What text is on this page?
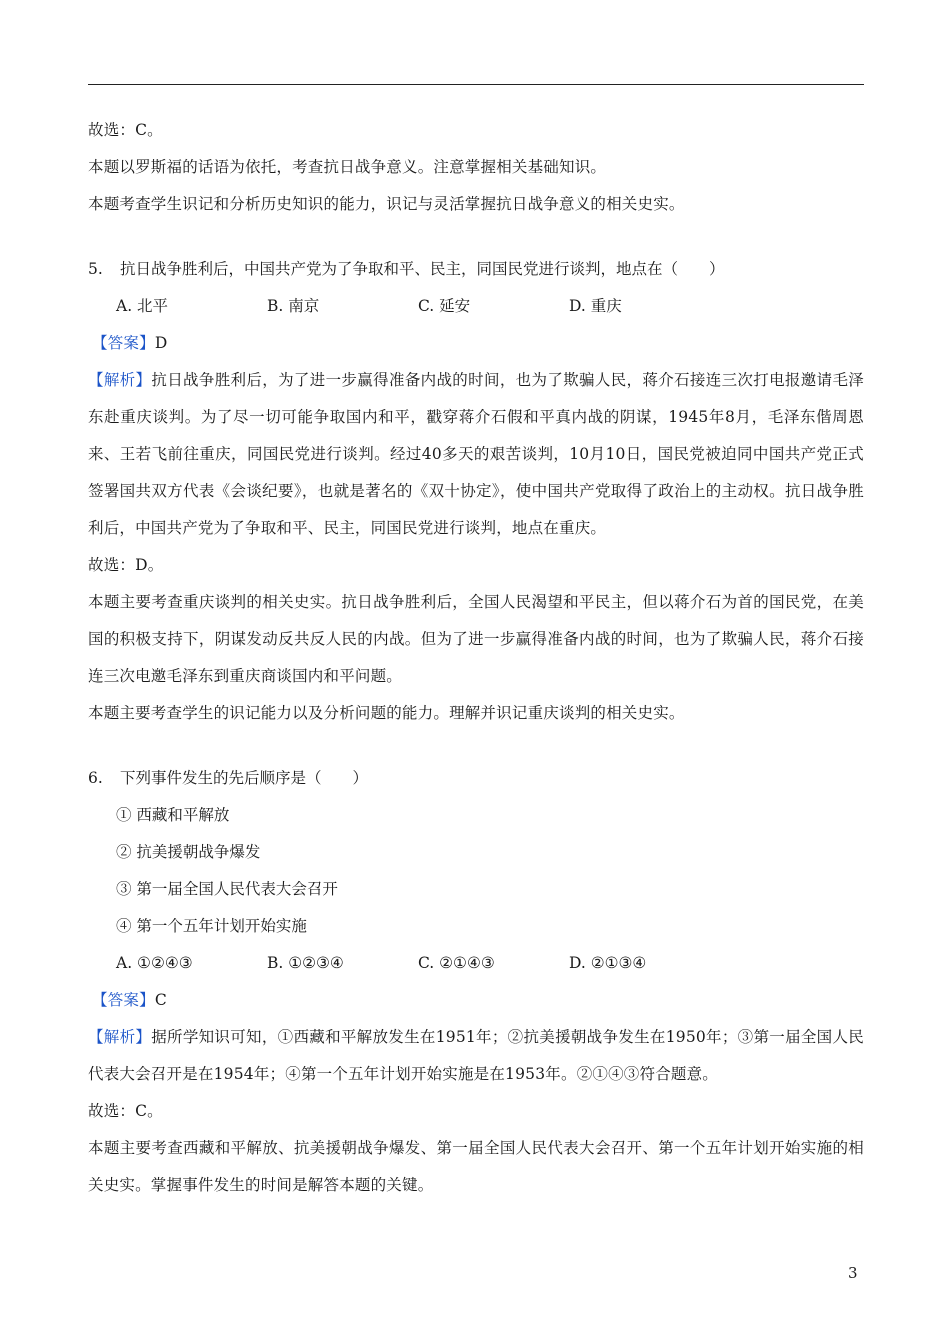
故选：C。

本题以罗斯福的话语为依托，考查抗日战争意义。注意掌握相关基础知识。

本题考查学生识记和分析历史知识的能力，识记与灵活掌握抗日战争意义的相关史实。

5. 抗日战争胜利后，中国共产党为了争取和平、民主，同国民党进行谈判，地点在（　　）
A. 北平	B. 南京	C. 延安	D. 重庆

【答案】D

【解析】抗日战争胜利后，为了进一步赢得准备内战的时间，也为了欺骗人民，蒋介石接连三次打电报邀请毛泽东赴重庆谈判。为了尽一切可能争取国内和平，戳穿蒋介石假和平真内战的阴谋，1945年8月，毛泽东偕周恩来、王若飞前往重庆，同国民党进行谈判。经过40多天的艰苦谈判，10月10日，国民党被迫同中国共产党正式签署国共双方代表《会谈纪要》，也就是著名的《双十协定》，使中国共产党取得了政治上的主动权。抗日战争胜利后，中国共产党为了争取和平、民主，同国民党进行谈判，地点在重庆。

故选：D。

本题主要考查重庆谈判的相关史实。抗日战争胜利后，全国人民渴望和平民主，但以蒋介石为首的国民党，在美国的积极支持下，阴谋发动反共反人民的内战。但为了进一步赢得准备内战的时间，也为了欺骗人民，蒋介石接连三次电邀毛泽东到重庆商谈国内和平问题。

本题主要考查学生的识记能力以及分析问题的能力。理解并识记重庆谈判的相关史实。

6. 下列事件发生的先后顺序是（　　）
① 西藏和平解放
② 抗美援朝战争爆发
③ 第一届全国人民代表大会召开
④ 第一个五年计划开始实施
A. ①②④③	B. ①②③④	C. ②①④③	D. ②①③④

【答案】C

【解析】据所学知识可知，①西藏和平解放发生在1951年；②抗美援朝战争发生在1950年；③第一届全国人民代表大会召开是在1954年；④第一个五年计划开始实施是在1953年。②①④③符合题意。

故选：C。

本题主要考查西藏和平解放、抗美援朝战争爆发、第一届全国人民代表大会召开、第一个五年计划开始实施的相关史实。掌握事件发生的时间是解答本题的关键。

3
